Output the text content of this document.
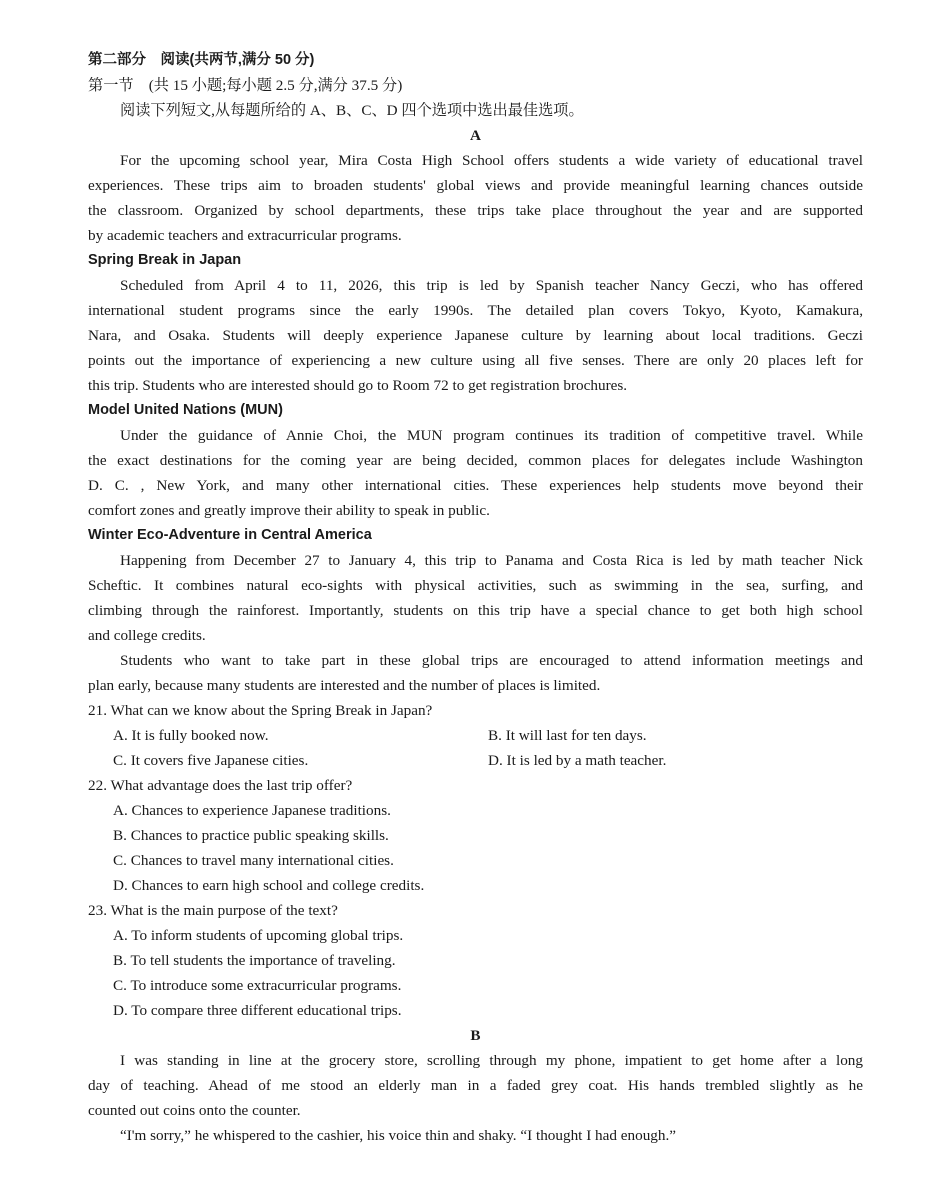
第二部分　阅读(共两节,满分 50 分)
第一节　(共 15 小题;每小题 2.5 分,满分 37.5 分)
阅读下列短文,从每题所给的 A、B、C、D 四个选项中选出最佳选项。
A
For the upcoming school year, Mira Costa High School offers students a wide variety of educational travel
experiences. These trips aim to broaden students' global views and provide meaningful learning chances outside
the classroom. Organized by school departments, these trips take place throughout the year and are supported
by academic teachers and extracurricular programs.
Spring Break in Japan
Scheduled from April 4 to 11, 2026, this trip is led by Spanish teacher Nancy Geczi, who has offered
international student programs since the early 1990s. The detailed plan covers Tokyo, Kyoto, Kamakura,
Nara, and Osaka. Students will deeply experience Japanese culture by learning about local traditions. Geczi
points out the importance of experiencing a new culture using all five senses. There are only 20 places left for
this trip. Students who are interested should go to Room 72 to get registration brochures.
Model United Nations (MUN)
Under the guidance of Annie Choi, the MUN program continues its tradition of competitive travel. While
the exact destinations for the coming year are being decided, common places for delegates include Washington
D. C. , New York, and many other international cities. These experiences help students move beyond their
comfort zones and greatly improve their ability to speak in public.
Winter Eco-Adventure in Central America
Happening from December 27 to January 4, this trip to Panama and Costa Rica is led by math teacher Nick
Scheftic. It combines natural eco-sights with physical activities, such as swimming in the sea, surfing, and
climbing through the rainforest. Importantly, students on this trip have a special chance to get both high school
and college credits.
Students who want to take part in these global trips are encouraged to attend information meetings and
plan early, because many students are interested and the number of places is limited.
21. What can we know about the Spring Break in Japan?
A. It is fully booked now.	B. It will last for ten days.
C. It covers five Japanese cities.	D. It is led by a math teacher.
22. What advantage does the last trip offer?
A. Chances to experience Japanese traditions.
B. Chances to practice public speaking skills.
C. Chances to travel many international cities.
D. Chances to earn high school and college credits.
23. What is the main purpose of the text?
A. To inform students of upcoming global trips.
B. To tell students the importance of traveling.
C. To introduce some extracurricular programs.
D. To compare three different educational trips.
B
I was standing in line at the grocery store, scrolling through my phone, impatient to get home after a long
day of teaching. Ahead of me stood an elderly man in a faded grey coat. His hands trembled slightly as he
counted out coins onto the counter.
“I'm sorry,” he whispered to the cashier, his voice thin and shaky. “I thought I had enough.”
